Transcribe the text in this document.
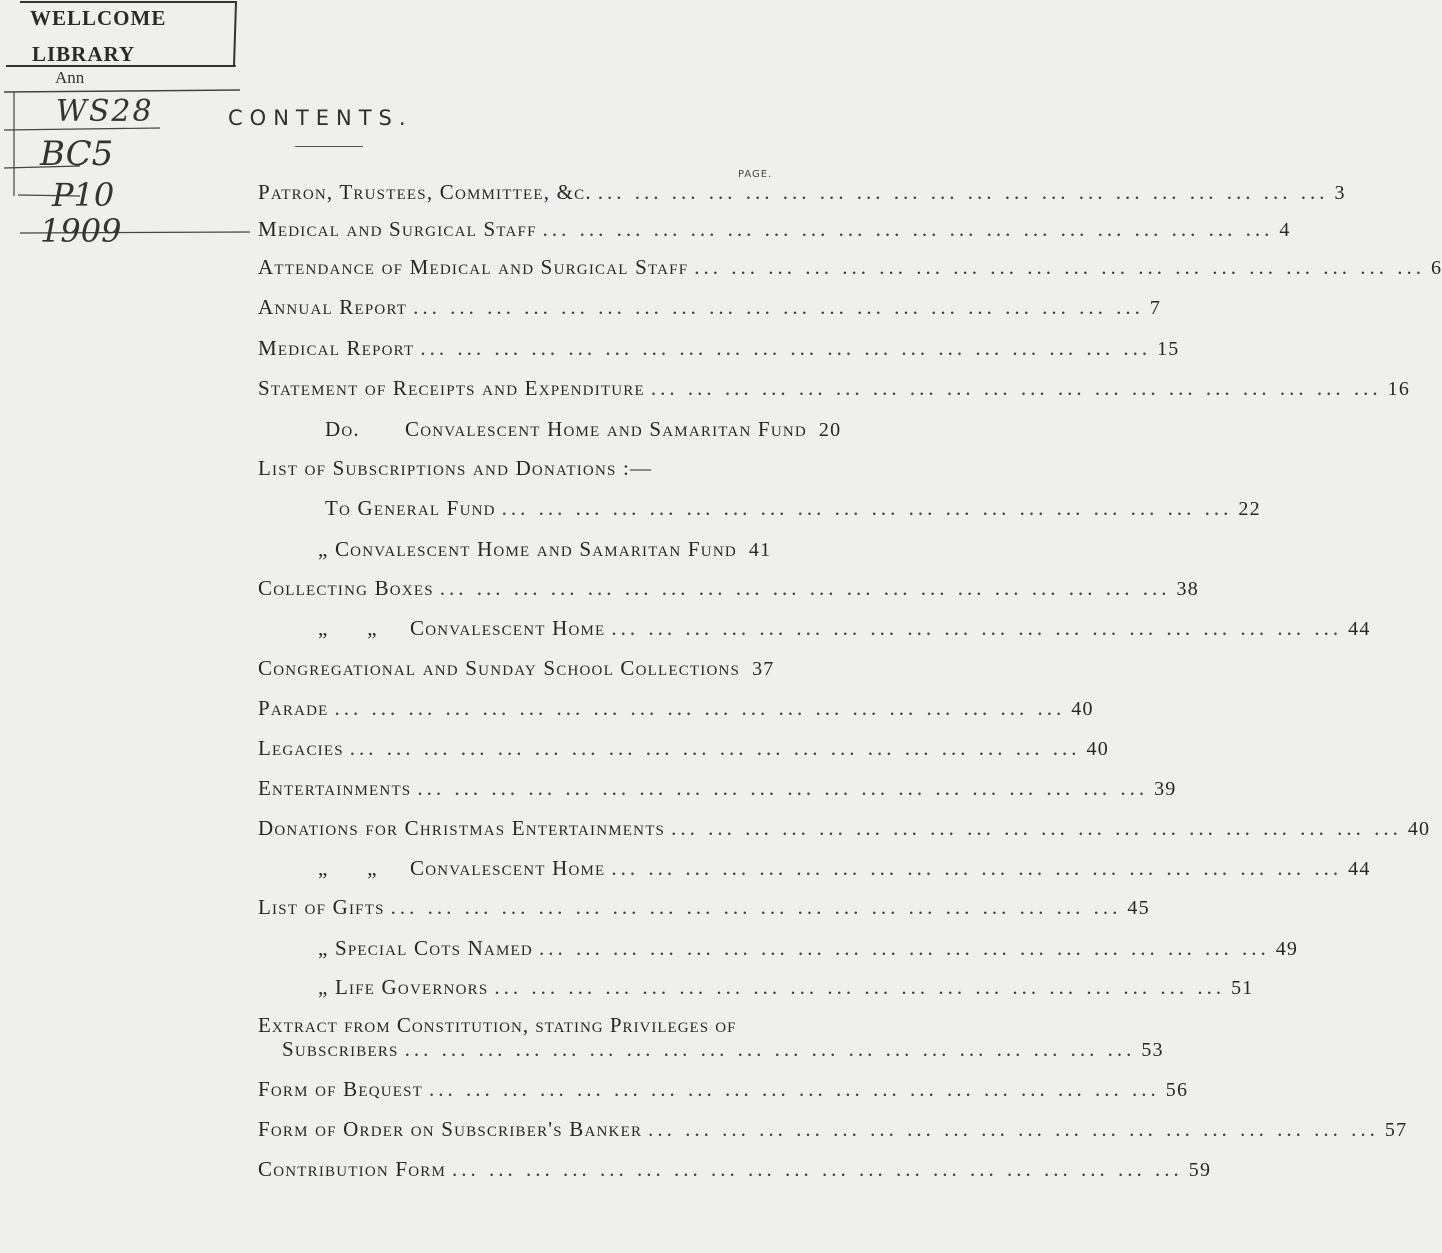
WELLCOME
LIBRARY
Ann
WS28
BC5
P10
1909
CONTENTS.
PAGE.
Patron, Trustees, Committee, &c. ... .	3
Medical and Surgical Staff ... .	4
Attendance of Medical and Surgical Staff ... .	6
Annual Report ... .	7
Medical Report ... .	15
Statement of Receipts and Expenditure ... .	16
Do.       Convalescent Home and Samaritan Fund 20
List of Subscriptions and Donations :—
To General Fund ... .	22
„ Convalescent Home and Samaritan Fund 41
Collecting Boxes ... .	38
„      „     Convalescent Home ... .	44
Congregational and Sunday School Collections 37
Parade ... .	40
Legacies ... .	40
Entertainments ... .	39
Donations for Christmas Entertainments ... .	40
„      „     Convalescent Home ... .	44
List of Gifts ... .	45
„ Special Cots Named ... .	49
„ Life Governors ... .	51
Extract from Constitution, stating Privileges of
Subscribers ... .	53
Form of Bequest ... .	56
Form of Order on Subscriber's Banker ... .	57
Contribution Form ... .	59
